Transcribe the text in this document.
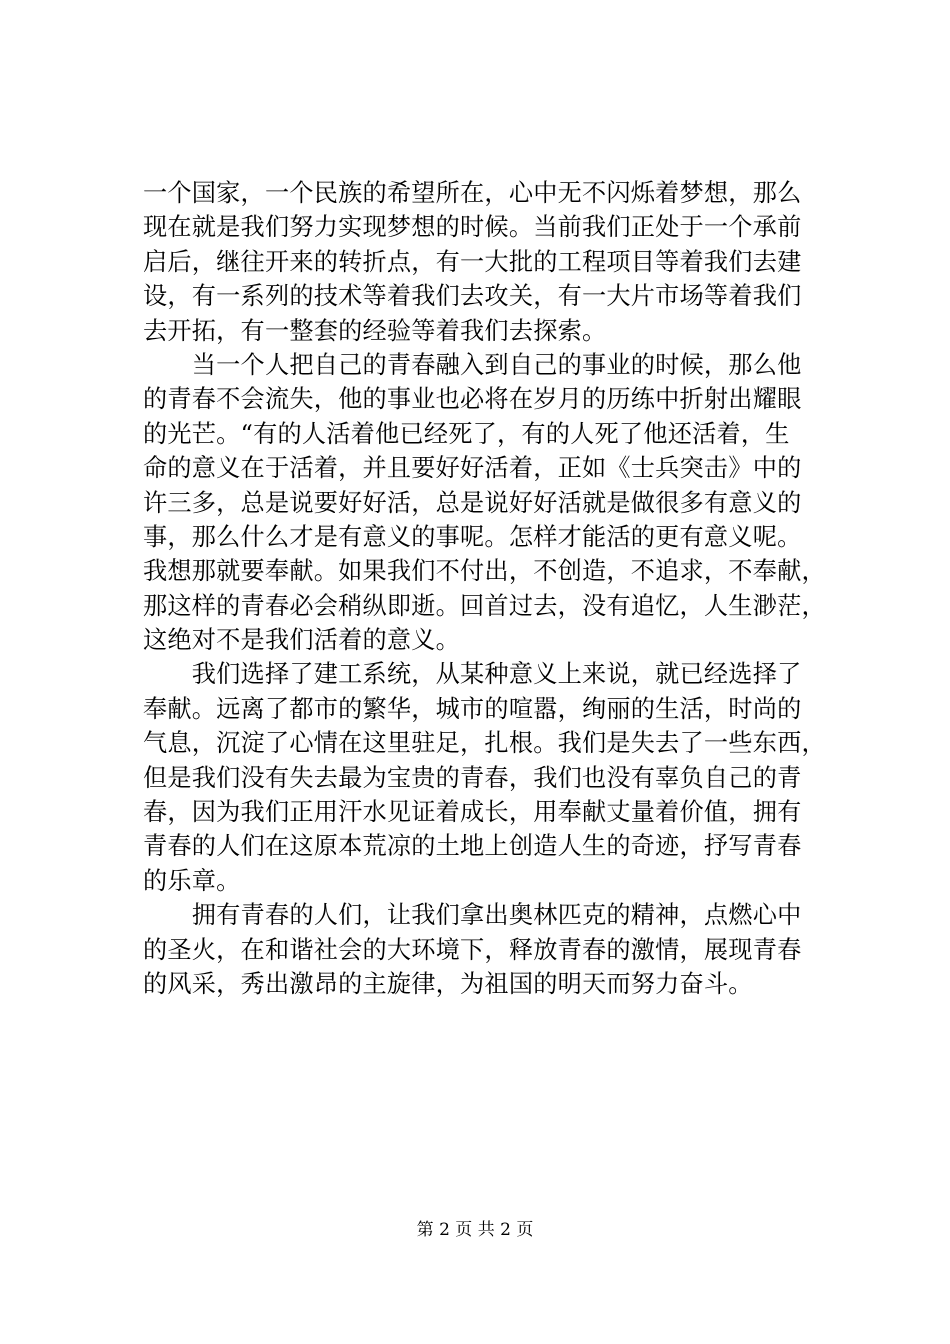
一个国家，一个民族的希望所在，心中无不闪烁着梦想，那么
现在就是我们努力实现梦想的时候。当前我们正处于一个承前
启后，继往开来的转折点，有一大批的工程项目等着我们去建
设，有一系列的技术等着我们去攻关，有一大片市场等着我们
去开拓，有一整套的经验等着我们去探索。
　　当一个人把自己的青春融入到自己的事业的时候，那么他
的青春不会流失，他的事业也必将在岁月的历练中折射出耀眼
的光芒。“有的人活着他已经死了，有的人死了他还活着，生
命的意义在于活着，并且要好好活着，正如《士兵突击》中的
许三多，总是说要好好活，总是说好好活就是做很多有意义的
事，那么什么才是有意义的事呢。怎样才能活的更有意义呢。
我想那就要奉献。如果我们不付出，不创造，不追求，不奉献，
那这样的青春必会稍纵即逝。回首过去，没有追忆，人生渺茫，
这绝对不是我们活着的意义。
　　我们选择了建工系统，从某种意义上来说，就已经选择了
奉献。远离了都市的繁华，城市的喧嚣，绚丽的生活，时尚的
气息，沉淀了心情在这里驻足，扎根。我们是失去了一些东西，
但是我们没有失去最为宝贵的青春，我们也没有辜负自己的青
春，因为我们正用汗水见证着成长，用奉献丈量着价值，拥有
青春的人们在这原本荒凉的土地上创造人生的奇迹，抒写青春
的乐章。
　　拥有青春的人们，让我们拿出奥林匹克的精神，点燃心中
的圣火，在和谐社会的大环境下，释放青春的激情，展现青春
的风采，秀出激昂的主旋律，为祖国的明天而努力奋斗。
第 2 页 共 2 页
